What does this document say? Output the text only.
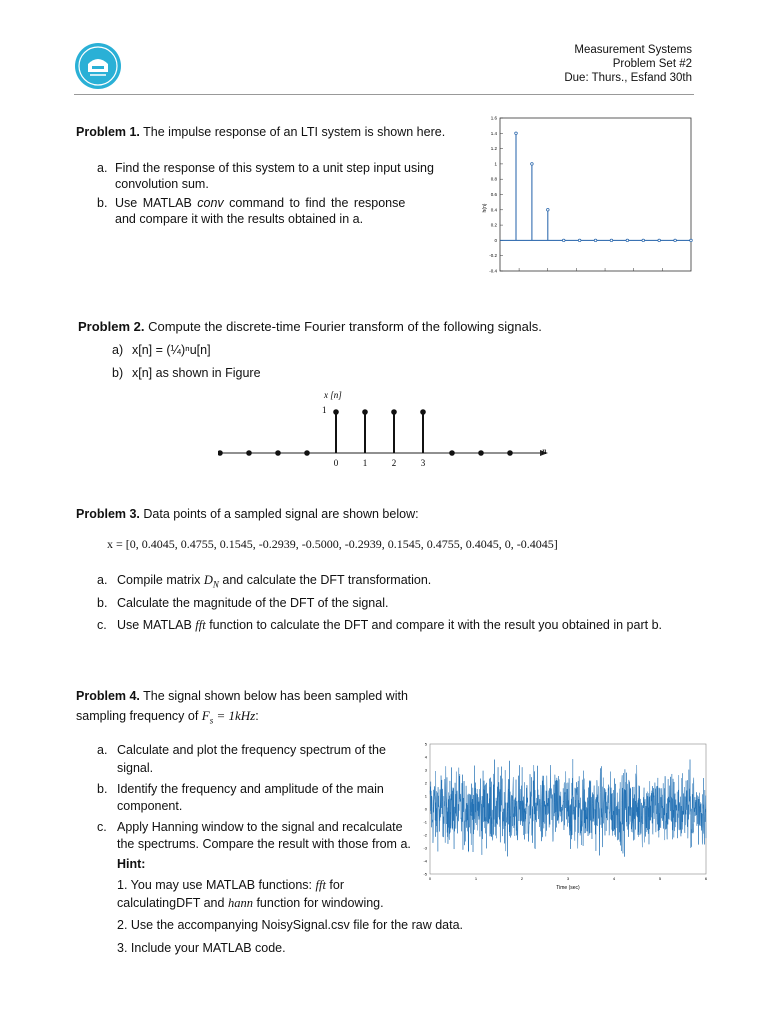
Measurement Systems
Problem Set #2
Due: Thurs., Esfand 30th
Problem 1. The impulse response of an LTI system is shown here.
a. Find the response of this system to a unit step input using
convolution sum.
b. Use MATLAB conv command to find the response
and compare it with the results obtained in a.
h(n)
1.6
1.4
1.2
1
0.8
0.6
0.4
0.2
0
-0.2
-0.4
Problem 2. Compute the discrete-time Fourier transform of the following signals.
a) x[n] = (¼)ⁿu[n]
b) x[n] as shown in Figure
x [n]
1
n
0	1	2	3
Problem 3. Data points of a sampled signal are shown below:
x = [0, 0.4045, 0.4755, 0.1545, -0.2939, -0.5000, -0.2939, 0.1545, 0.4755, 0.4045, 0, -0.4045]
a. Compile matrix $D_N$ and calculate the DFT transformation.
b. Calculate the magnitude of the DFT of the signal.
c. Use MATLAB fft function to calculate the DFT and compare it with the result you obtained in part b.
Problem 4. The signal shown below has been sampled with
sampling frequency of $F_s = 1kHz$:
a. Calculate and plot the frequency spectrum of the
signal.
b. Identify the frequency and amplitude of the main
component.
c. Apply Hanning window to the signal and recalculate
the spectrums. Compare the result with those from a.
Hint:
1. You may use MATLAB functions: fft for
calculatingDFT and hann function for windowing.
2. Use the accompanying NoisySignal.csv file for the raw data.
3. Include your MATLAB code.
5
4
3
2
1
0
-1
-2
-3
-4
-5
0	1	2	3	4	5	6
Time (sec)
